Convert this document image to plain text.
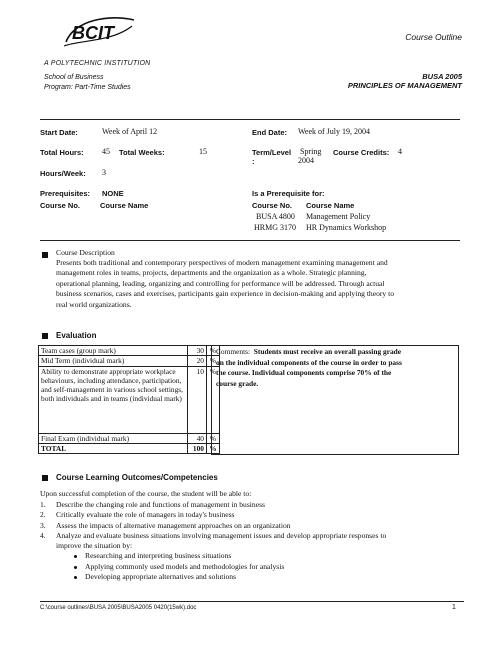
BCIT	Course Outline
A POLYTECHNIC INSTITUTION
School of Business
Program: Part-Time Studies
BUSA 2005
PRINCIPLES OF MANAGEMENT
Start Date:	Week of April 12	End Date: Week of July 19, 2004
Total Hours: 45 Total Weeks:	15	Term/Level Spring Course Credits: 4
:	2004
Hours/Week: 3
Prerequisites: NONE	Is a Prerequisite for:
Course No.	Course Name	Course No. Course Name
BUSA 4800 Management Policy
HRMG 3170 HR Dynamics Workshop
Course Description
Presents both traditional and contemporary perspectives of modern management examining management and
management roles in teams, projects, departments and the organization as a whole. Strategic planning,
operational planning, leading, organizing and controlling for performance will be addressed. Through actual
business scenarios, cases and exercises, participants gain experience in decision-making and applying theory to
real world organizations.
Evaluation
Team cases (group mark)	30	%
Mid Term (individual mark)	20	%
Ability to demonstrate appropriate workplace behaviours, including attendance, participation, and self-management in various school settings, both individuals and in teams (individual mark)	10	%
Final Exam (individual mark)	40	%
TOTAL	100	%
Comments: Students must receive an overall passing grade
on the individual components of the course in order to pass
the course. Individual components comprise 70% of the
course grade.
Course Learning Outcomes/Competencies
Upon successful completion of the course, the student will be able to:
1. Describe the changing role and functions of management in business
2. Critically evaluate the role of managers in today's business
3. Assess the impacts of alternative management approaches on an organization
4. Analyze and evaluate business situations involving management issues and develop appropriate responses to
improve the situation by:
Researching and interpreting business situations
Applying commonly used models and methodologies for analysis
Developing appropriate alternatives and solutions
C:\course outlines\BUSA 2005\BUSA2005 0420(15wk).doc	1
